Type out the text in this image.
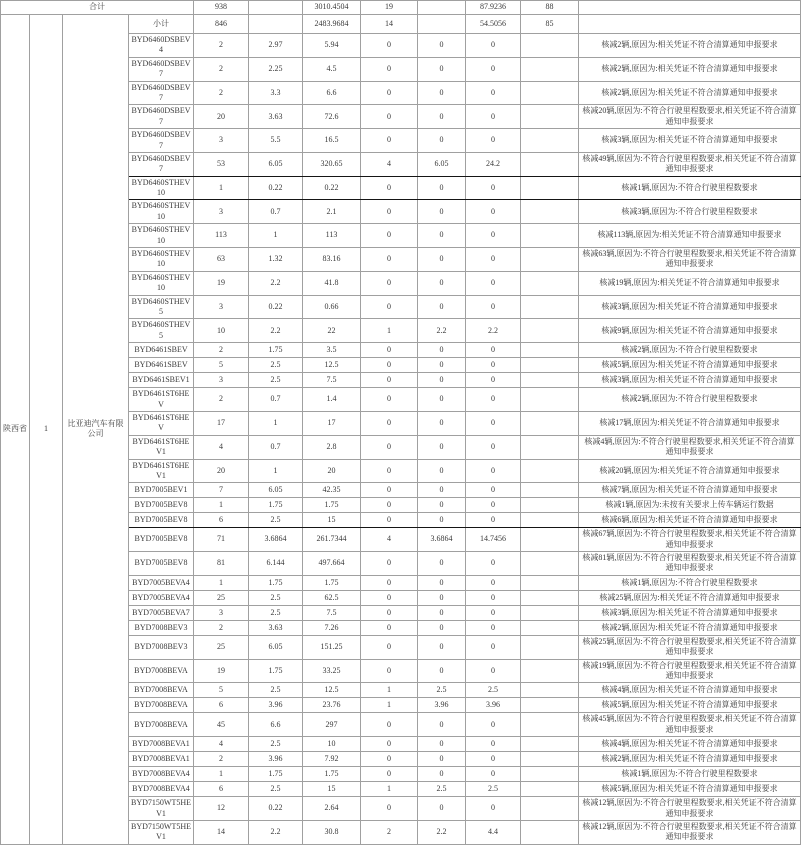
合计				938		3010.4504	19		87.9236	88	
陕西省	1	比亚迪汽车有限公司	小计	846		2483.9684	14		54.5056	85	
			BYD6460DSBEV4	2	2.97	5.94	0	0	0		核减2辆,原因为:相关凭证不符合清算通知申报要求
			BYD6460DSBEV7	2	2.25	4.5	0	0	0		核减2辆,原因为:相关凭证不符合清算通知申报要求
			BYD6460DSBEV7	2	3.3	6.6	0	0	0		核减2辆,原因为:相关凭证不符合清算通知申报要求
			BYD6460DSBEV7	20	3.63	72.6	0	0	0		核减20辆,原因为:不符合行驶里程数要求,相关凭证不符合清算通知申报要求
			BYD6460DSBEV7	3	5.5	16.5	0	0	0		核减3辆,原因为:相关凭证不符合清算通知申报要求
			BYD6460DSBEV7	53	6.05	320.65	4	6.05	24.2		核减49辆,原因为:不符合行驶里程数要求,相关凭证不符合清算通知申报要求
			BYD6460STHEV10	1	0.22	0.22	0	0	0		核减1辆,原因为:不符合行驶里程数要求
			BYD6460STHEV10	3	0.7	2.1	0	0	0		核减3辆,原因为:不符合行驶里程数要求
			BYD6460STHEV10	113	1	113	0	0	0		核减113辆,原因为:相关凭证不符合清算通知申报要求
			BYD6460STHEV10	63	1.32	83.16	0	0	0		核减63辆,原因为:不符合行驶里程数要求,相关凭证不符合清算通知申报要求
			BYD6460STHEV10	19	2.2	41.8	0	0	0		核减19辆,原因为:相关凭证不符合清算通知申报要求
			BYD6460STHEV5	3	0.22	0.66	0	0	0		核减3辆,原因为:相关凭证不符合清算通知申报要求
			BYD6460STHEV5	10	2.2	22	1	2.2	2.2		核减9辆,原因为:相关凭证不符合清算通知申报要求
			BYD6461SBEV	2	1.75	3.5	0	0	0		核减2辆,原因为:不符合行驶里程数要求
			BYD6461SBEV	5	2.5	12.5	0	0	0		核减5辆,原因为:相关凭证不符合清算通知申报要求
			BYD6461SBEV1	3	2.5	7.5	0	0	0		核减3辆,原因为:相关凭证不符合清算通知申报要求
			BYD6461ST6HEV	2	0.7	1.4	0	0	0		核减2辆,原因为:不符合行驶里程数要求
			BYD6461ST6HEV	17	1	17	0	0	0		核减17辆,原因为:相关凭证不符合清算通知申报要求
			BYD6461ST6HEV1	4	0.7	2.8	0	0	0		核减4辆,原因为:不符合行驶里程数要求,相关凭证不符合清算通知申报要求
			BYD6461ST6HEV1	20	1	20	0	0	0		核减20辆,原因为:相关凭证不符合清算通知申报要求
			BYD7005BEV1	7	6.05	42.35	0	0	0		核减7辆,原因为:相关凭证不符合清算通知申报要求
			BYD7005BEV8	1	1.75	1.75	0	0	0		核减1辆,原因为:未按有关要求上传车辆运行数据
			BYD7005BEV8	6	2.5	15	0	0	0		核减6辆,原因为:相关凭证不符合清算通知申报要求
			BYD7005BEV8	71	3.6864	261.7344	4	3.6864	14.7456		核减67辆,原因为:不符合行驶里程数要求,相关凭证不符合清算通知申报要求
			BYD7005BEV8	81	6.144	497.664	0	0	0		核减81辆,原因为:不符合行驶里程数要求,相关凭证不符合清算通知申报要求
			BYD7005BEVA4	1	1.75	1.75	0	0	0		核减1辆,原因为:不符合行驶里程数要求
			BYD7005BEVA4	25	2.5	62.5	0	0	0		核减25辆,原因为:相关凭证不符合清算通知申报要求
			BYD7005BEVA7	3	2.5	7.5	0	0	0		核减3辆,原因为:相关凭证不符合清算通知申报要求
			BYD7008BEV3	2	3.63	7.26	0	0	0		核减2辆,原因为:相关凭证不符合清算通知申报要求
			BYD7008BEV3	25	6.05	151.25	0	0	0		核减25辆,原因为:不符合行驶里程数要求,相关凭证不符合清算通知申报要求
			BYD7008BEVA	19	1.75	33.25	0	0	0		核减19辆,原因为:不符合行驶里程数要求,相关凭证不符合清算通知申报要求
			BYD7008BEVA	5	2.5	12.5	1	2.5	2.5		核减4辆,原因为:相关凭证不符合清算通知申报要求
			BYD7008BEVA	6	3.96	23.76	1	3.96	3.96		核减5辆,原因为:相关凭证不符合清算通知申报要求
			BYD7008BEVA	45	6.6	297	0	0	0		核减45辆,原因为:不符合行驶里程数要求,相关凭证不符合清算通知申报要求
			BYD7008BEVA1	4	2.5	10	0	0	0		核减4辆,原因为:相关凭证不符合清算通知申报要求
			BYD7008BEVA1	2	3.96	7.92	0	0	0		核减2辆,原因为:相关凭证不符合清算通知申报要求
			BYD7008BEVA4	1	1.75	1.75	0	0	0		核减1辆,原因为:不符合行驶里程数要求
			BYD7008BEVA4	6	2.5	15	1	2.5	2.5		核减5辆,原因为:相关凭证不符合清算通知申报要求
			BYD7150WT5HEV1	12	0.22	2.64	0	0	0		核减12辆,原因为:不符合行驶里程数要求,相关凭证不符合清算通知申报要求
			BYD7150WT5HEV1	14	2.2	30.8	2	2.2	4.4		核减12辆,原因为:不符合行驶里程数要求,相关凭证不符合清算通知申报要求
